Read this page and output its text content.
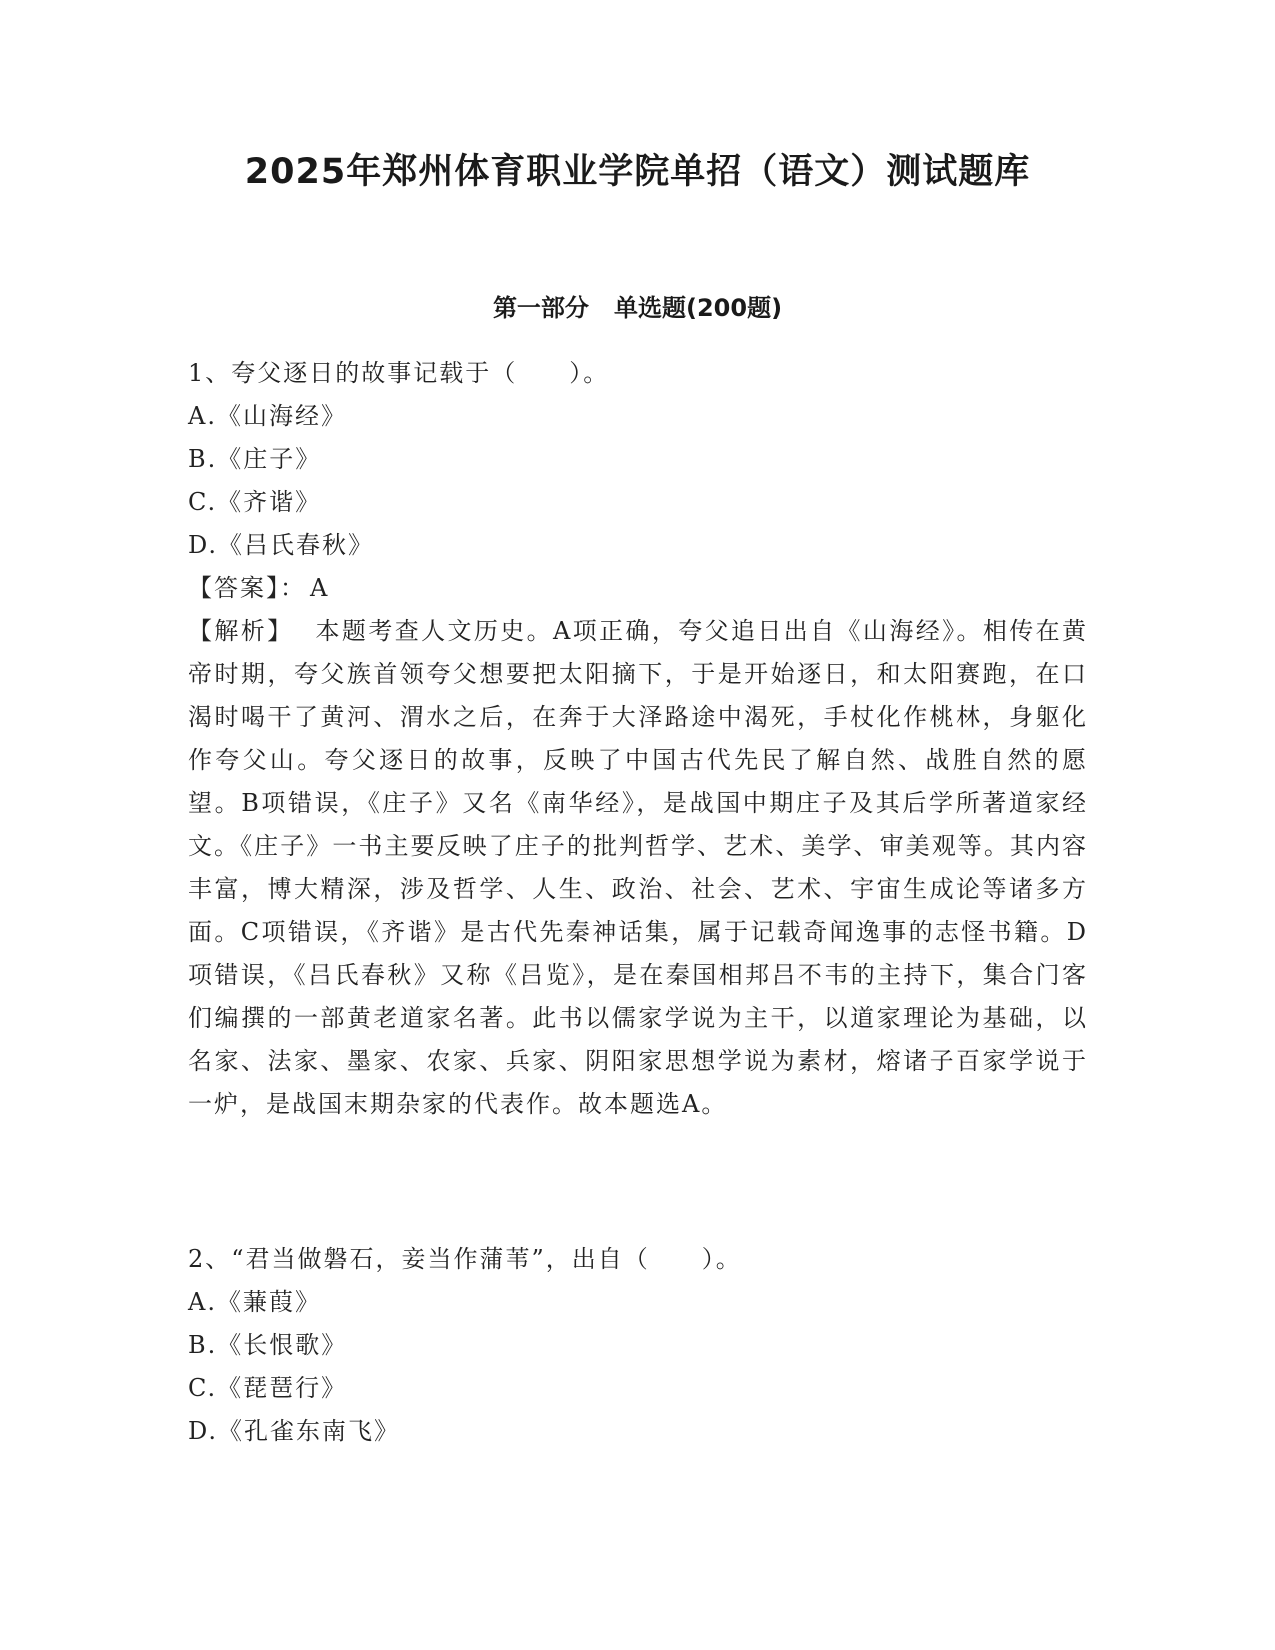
2025年郑州体育职业学院单招（语文）测试题库
第一部分 单选题(200题)
1、夸父逐日的故事记载于（　　）。
A.《山海经》
B.《庄子》
C.《齐谐》
D.《吕氏春秋》
【答案】： A
【解析】 本题考查人文历史。A项正确，夸父追日出自《山海经》。相传在黄帝时期，夸父族首领夸父想要把太阳摘下，于是开始逐日，和太阳赛跑，在口渴时喝干了黄河、渭水之后，在奔于大泽路途中渴死，手杖化作桃林，身躯化作夸父山。夸父逐日的故事，反映了中国古代先民了解自然、战胜自然的愿望。B项错误，《庄子》又名《南华经》，是战国中期庄子及其后学所著道家经文。《庄子》一书主要反映了庄子的批判哲学、艺术、美学、审美观等。其内容丰富，博大精深，涉及哲学、人生、政治、社会、艺术、宇宙生成论等诸多方面。C项错误，《齐谐》是古代先秦神话集，属于记载奇闻逸事的志怪书籍。D项错误，《吕氏春秋》又称《吕览》，是在秦国相邦吕不韦的主持下，集合门客们编撰的一部黄老道家名著。此书以儒家学说为主干，以道家理论为基础，以名家、法家、墨家、农家、兵家、阴阳家思想学说为素材，熔诸子百家学说于一炉，是战国末期杂家的代表作。故本题选A。
2、“君当做磐石，妾当作蒲苇”，出自（　　）。
A.《蒹葭》
B.《长恨歌》
C.《琵琶行》
D.《孔雀东南飞》
